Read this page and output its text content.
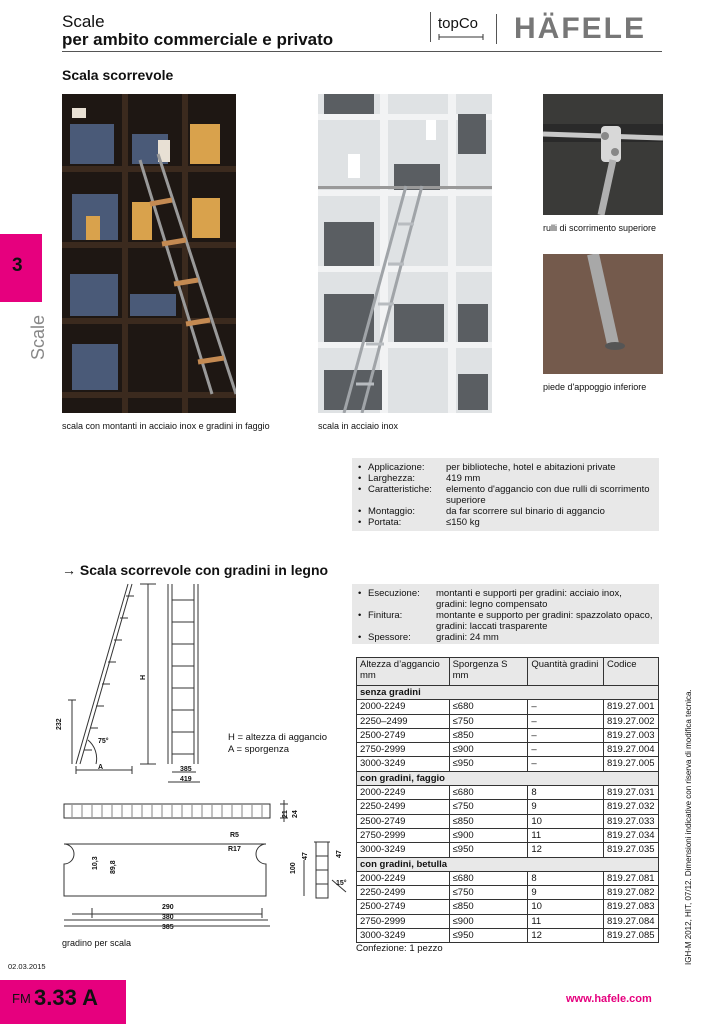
Scale
per ambito commerciale e privato
topCo HÄFELE
3
Scale
Scala scorrevole
scala con montanti in acciaio inox e gradini in faggio	scala in acciaio inox
rulli di scorrimento superiore
piede d'appoggio inferiore
•	Applicazione:	per biblioteche, hotel e abitazioni private
•	Larghezza:	419 mm
•	Caratteristiche:	elemento d'aggancio con due rulli di scorrimento superiore
•	Montaggio:	da far scorrere sul binario di aggancio
•	Portata:	≤150 kg
→ Scala scorrevole con gradini in legno
•	Esecuzione:	montanti e supporti per gradini: acciaio inox, gradini: legno compensato
•	Finitura:	montante e supporto per gradini: spazzolato opaco, gradini: laccati trasparente
•	Spessore:	gradini: 24 mm
232
75°
A
H
385
419
H = altezza di aggancio
A = sporgenza
21 24
R5
R17
10,3 89,8
290
380
385
100
47	47
15°
gradino per scala
Altezza d’aggancio mm	Sporgenza S mm	Quantità gradini	Codice
senza gradini			
2000-2249	≤680	–	819.27.001
2250–2499	≤750	–	819.27.002
2500-2749	≤850	–	819.27.003
2750-2999	≤900	–	819.27.004
3000-3249	≤950	–	819.27.005
con gradini, faggio			
2000-2249	≤680	8	819.27.031
2250-2499	≤750	9	819.27.032
2500-2749	≤850	10	819.27.033
2750-2999	≤900	11	819.27.034
3000-3249	≤950	12	819.27.035
con gradini, betulla			
2000-2249	≤680	8	819.27.081
2250-2499	≤750	9	819.27.082
2500-2749	≤850	10	819.27.083
2750-2999	≤900	11	819.27.084
3000-3249	≤950	12	819.27.085
Confezione: 1 pezzo	IGH-M 2012, HIT, 07/12. Dimensioni indicative con riserva di modifica tecnica.
02.03.2015
FM 3.33 A	www.hafele.com
